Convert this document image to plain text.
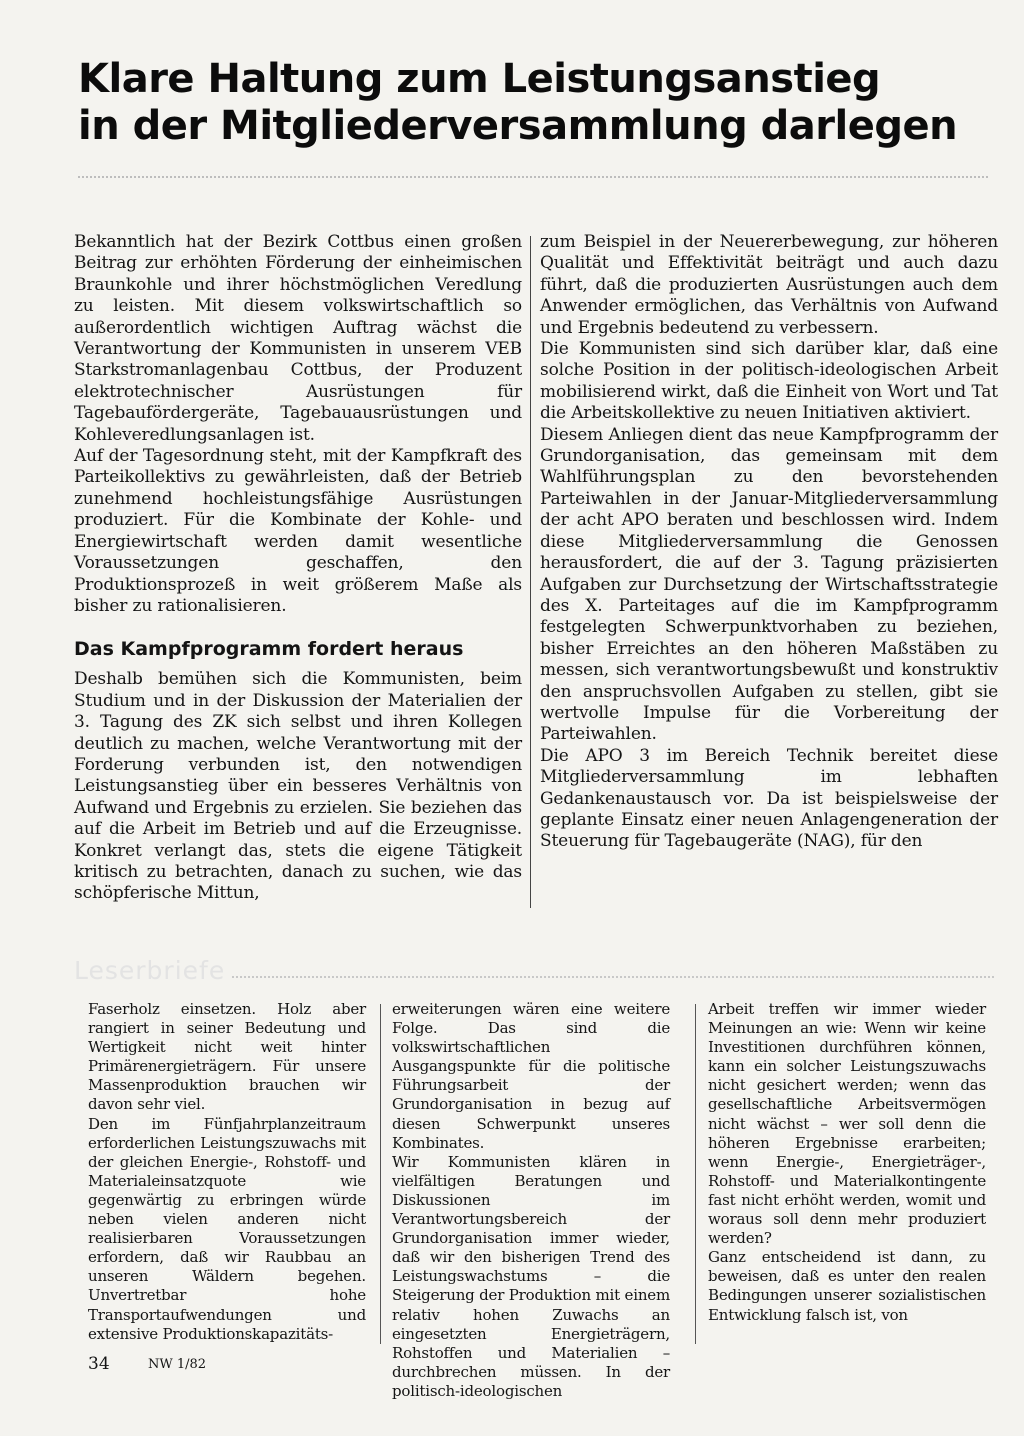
Klare Haltung zum Leistungsanstieg
in der Mitgliederversammlung darlegen

Bekanntlich hat der Bezirk Cottbus einen großen Beitrag zur erhöhten Förderung der einheimischen Braunkohle und ihrer höchstmöglichen Veredlung zu leisten. Mit diesem volkswirtschaftlich so außerordentlich wichtigen Auftrag wächst die Verantwortung der Kommunisten in unserem VEB Starkstromanlagenbau Cottbus, der Produzent elektrotechnischer Ausrüstungen für Tagebaufördergeräte, Tagebauausrüstungen und Kohleveredlungsanlagen ist.

Auf der Tagesordnung steht, mit der Kampfkraft des Parteikollektivs zu gewährleisten, daß der Betrieb zunehmend hochleistungsfähige Ausrüstungen produziert. Für die Kombinate der Kohle- und Energiewirtschaft werden damit wesentliche Voraussetzungen geschaffen, den Produktionsprozeß in weit größerem Maße als bisher zu rationalisieren.

Das Kampfprogramm fordert heraus

Deshalb bemühen sich die Kommunisten, beim Studium und in der Diskussion der Materialien der 3. Tagung des ZK sich selbst und ihren Kollegen deutlich zu machen, welche Verantwortung mit der Forderung verbunden ist, den notwendigen Leistungsanstieg über ein besseres Verhältnis von Aufwand und Ergebnis zu erzielen. Sie beziehen das auf die Arbeit im Betrieb und auf die Erzeugnisse. Konkret verlangt das, stets die eigene Tätigkeit kritisch zu betrachten, danach zu suchen, wie das schöpferische Mittun,

zum Beispiel in der Neuererbewegung, zur höheren Qualität und Effektivität beiträgt und auch dazu führt, daß die produzierten Ausrüstungen auch dem Anwender ermöglichen, das Verhältnis von Aufwand und Ergebnis bedeutend zu verbessern.

Die Kommunisten sind sich darüber klar, daß eine solche Position in der politisch-ideologischen Arbeit mobilisierend wirkt, daß die Einheit von Wort und Tat die Arbeitskollektive zu neuen Initiativen aktiviert.

Diesem Anliegen dient das neue Kampfprogramm der Grundorganisation, das gemeinsam mit dem Wahlführungsplan zu den bevorstehenden Parteiwahlen in der Januar-Mitgliederversammlung der acht APO beraten und beschlossen wird. Indem diese Mitgliederversammlung die Genossen herausfordert, die auf der 3. Tagung präzisierten Aufgaben zur Durchsetzung der Wirtschaftsstrategie des X. Parteitages auf die im Kampfprogramm festgelegten Schwerpunktvorhaben zu beziehen, bisher Erreichtes an den höheren Maßstäben zu messen, sich verantwortungsbewußt und konstruktiv den anspruchsvollen Aufgaben zu stellen, gibt sie wertvolle Impulse für die Vorbereitung der Parteiwahlen.

Die APO 3 im Bereich Technik bereitet diese Mitgliederversammlung im lebhaften Gedankenaustausch vor. Da ist beispielsweise der geplante Einsatz einer neuen Anlagengeneration der Steuerung für Tagebaugeräte (NAG), für den

Leserbriefe

Faserholz einsetzen. Holz aber rangiert in seiner Bedeutung und Wertigkeit nicht weit hinter Primärenergieträgern. Für unsere Massenproduktion brauchen wir davon sehr viel.

Den im Fünfjahrplanzeitraum erforderlichen Leistungszuwachs mit der gleichen Energie-, Rohstoff- und Materialeinsatzquote wie gegenwärtig zu erbringen würde neben vielen anderen nicht realisierbaren Voraussetzungen erfordern, daß wir Raubbau an unseren Wäldern begehen. Unvertretbar hohe Transportaufwendungen und extensive Produktionskapazitäts-

erweiterungen wären eine weitere Folge. Das sind die volkswirtschaftlichen Ausgangspunkte für die politische Führungsarbeit der Grundorganisation in bezug auf diesen Schwerpunkt unseres Kombinates.

Wir Kommunisten klären in vielfältigen Beratungen und Diskussionen im Verantwortungsbereich der Grundorganisation immer wieder, daß wir den bisherigen Trend des Leistungswachstums – die Steigerung der Produktion mit einem relativ hohen Zuwachs an eingesetzten Energieträgern, Rohstoffen und Materialien – durchbrechen müssen. In der politisch-ideologischen

Arbeit treffen wir immer wieder Meinungen an wie: Wenn wir keine Investitionen durchführen können, kann ein solcher Leistungszuwachs nicht gesichert werden; wenn das gesellschaftliche Arbeitsvermögen nicht wächst – wer soll denn die höheren Ergebnisse erarbeiten; wenn Energie-, Energieträger-, Rohstoff- und Materialkontingente fast nicht erhöht werden, womit und woraus soll denn mehr produziert werden?

Ganz entscheidend ist dann, zu beweisen, daß es unter den realen Bedingungen unserer sozialistischen Entwicklung falsch ist, von

34	NW 1/82
